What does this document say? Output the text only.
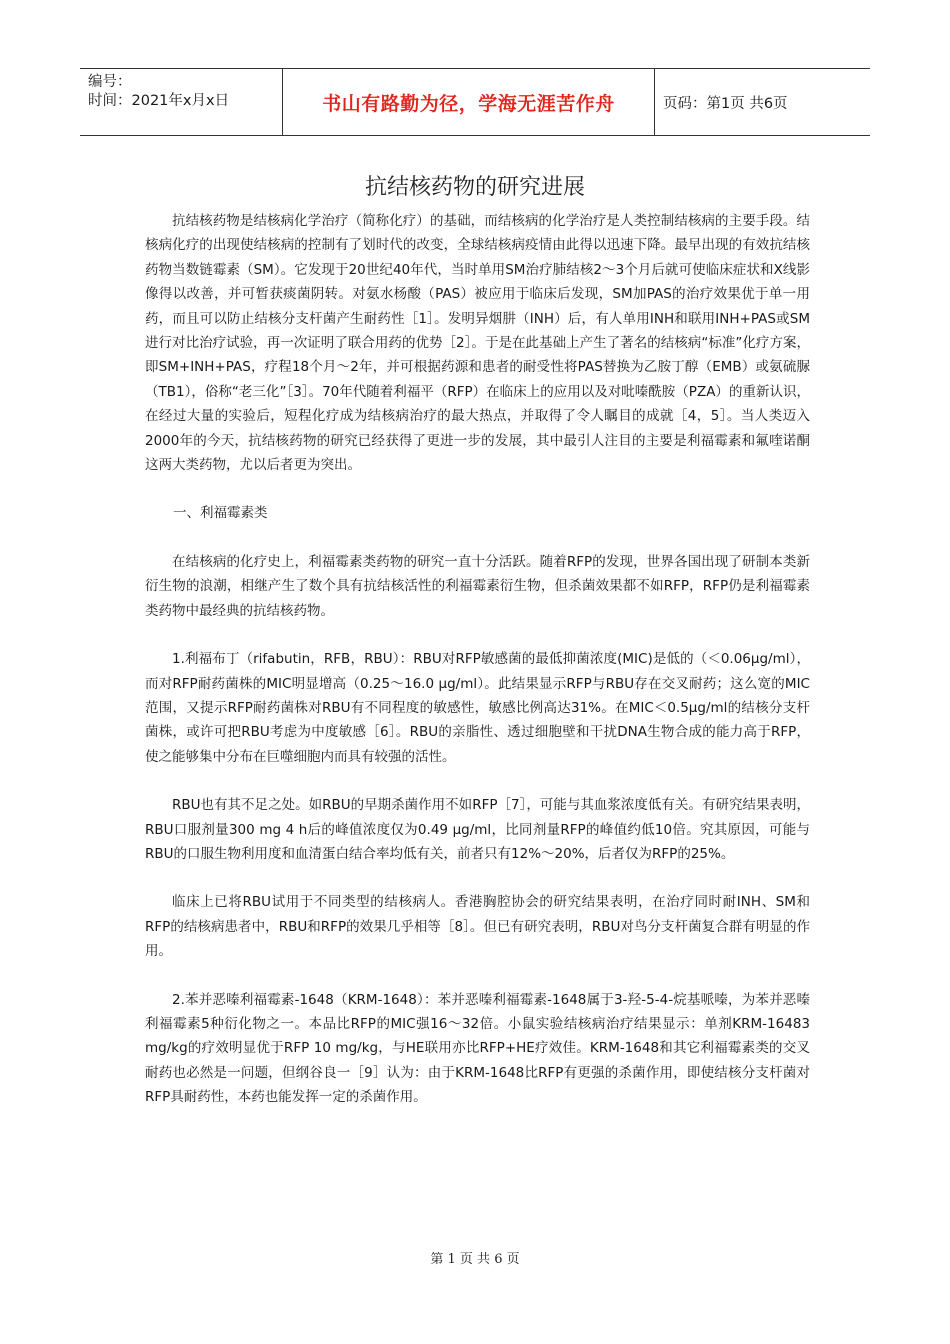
编号：
时间：2021年x月x日	书山有路勤为径，学海无涯苦作舟	页码：第1页 共6页
抗结核药物的研究进展

抗结核药物是结核病化学治疗（简称化疗）的基础，而结核病的化学治疗是人类控制结核病的主要手段。结核病化疗的出现使结核病的控制有了划时代的改变，全球结核病疫情由此得以迅速下降。最早出现的有效抗结核药物当数链霉素（SM）。它发现于20世纪40年代，当时单用SM治疗肺结核2～3个月后就可使临床症状和X线影像得以改善，并可暂获痰菌阴转。对氨水杨酸（PAS）被应用于临床后发现，SM加PAS的治疗效果优于单一用药，而且可以防止结核分支杆菌产生耐药性［1］。发明异烟肼（INH）后，有人单用INH和联用INH+PAS或SM进行对比治疗试验，再一次证明了联合用药的优势［2］。于是在此基础上产生了著名的结核病“标准”化疗方案，即SM+INH+PAS，疗程18个月～2年，并可根据药源和患者的耐受性将PAS替换为乙胺丁醇（EMB）或氨硫脲（TB1），俗称“老三化”［3］。70年代随着利福平（RFP）在临床上的应用以及对吡嗪酰胺（PZA）的重新认识，在经过大量的实验后，短程化疗成为结核病治疗的最大热点，并取得了令人瞩目的成就［4，5］。当人类迈入2000年的今天，抗结核药物的研究已经获得了更进一步的发展，其中最引人注目的主要是利福霉素和氟喹诺酮这两大类药物，尤以后者更为突出。

一、利福霉素类

在结核病的化疗史上，利福霉素类药物的研究一直十分活跃。随着RFP的发现，世界各国出现了研制本类新衍生物的浪潮，相继产生了数个具有抗结核活性的利福霉素衍生物，但杀菌效果都不如RFP，RFP仍是利福霉素类药物中最经典的抗结核药物。

1.利福布丁（rifabutin，RFB，RBU）：RBU对RFP敏感菌的最低抑菌浓度(MIC)是低的（＜0.06μg/ml），而对RFP耐药菌株的MIC明显增高（0.25～16.0 μg/ml）。此结果显示RFP与RBU存在交叉耐药；这么宽的MIC范围，又提示RFP耐药菌株对RBU有不同程度的敏感性，敏感比例高达31%。在MIC＜0.5μg/ml的结核分支杆菌株，或许可把RBU考虑为中度敏感［6］。RBU的亲脂性、透过细胞壁和干扰DNA生物合成的能力高于RFP，使之能够集中分布在巨噬细胞内而具有较强的活性。

RBU也有其不足之处。如RBU的早期杀菌作用不如RFP［7］，可能与其血浆浓度低有关。有研究结果表明，RBU口服剂量300 mg 4 h后的峰值浓度仅为0.49 μg/ml，比同剂量RFP的峰值约低10倍。究其原因，可能与RBU的口服生物利用度和血清蛋白结合率均低有关，前者只有12%～20%，后者仅为RFP的25%。

临床上已将RBU试用于不同类型的结核病人。香港胸腔协会的研究结果表明，在治疗同时耐INH、SM和RFP的结核病患者中，RBU和RFP的效果几乎相等［8］。但已有研究表明，RBU对鸟分支杆菌复合群有明显的作用。

2.苯并恶嗪利福霉素-1648（KRM-1648）：苯并恶嗪利福霉素-1648属于3-羟-5-4-烷基哌嗪，为苯并恶嗪利福霉素5种衍化物之一。本品比RFP的MIC强16～32倍。小鼠实验结核病治疗结果显示：单剂KRM-16483 mg/kg的疗效明显优于RFP 10 mg/kg，与HE联用亦比RFP+HE疗效佳。KRM-1648和其它利福霉素类的交叉耐药也必然是一问题，但纲谷良一［9］认为：由于KRM-1648比RFP有更强的杀菌作用，即使结核分支杆菌对RFP具耐药性，本药也能发挥一定的杀菌作用。

第 1 页 共 6 页
